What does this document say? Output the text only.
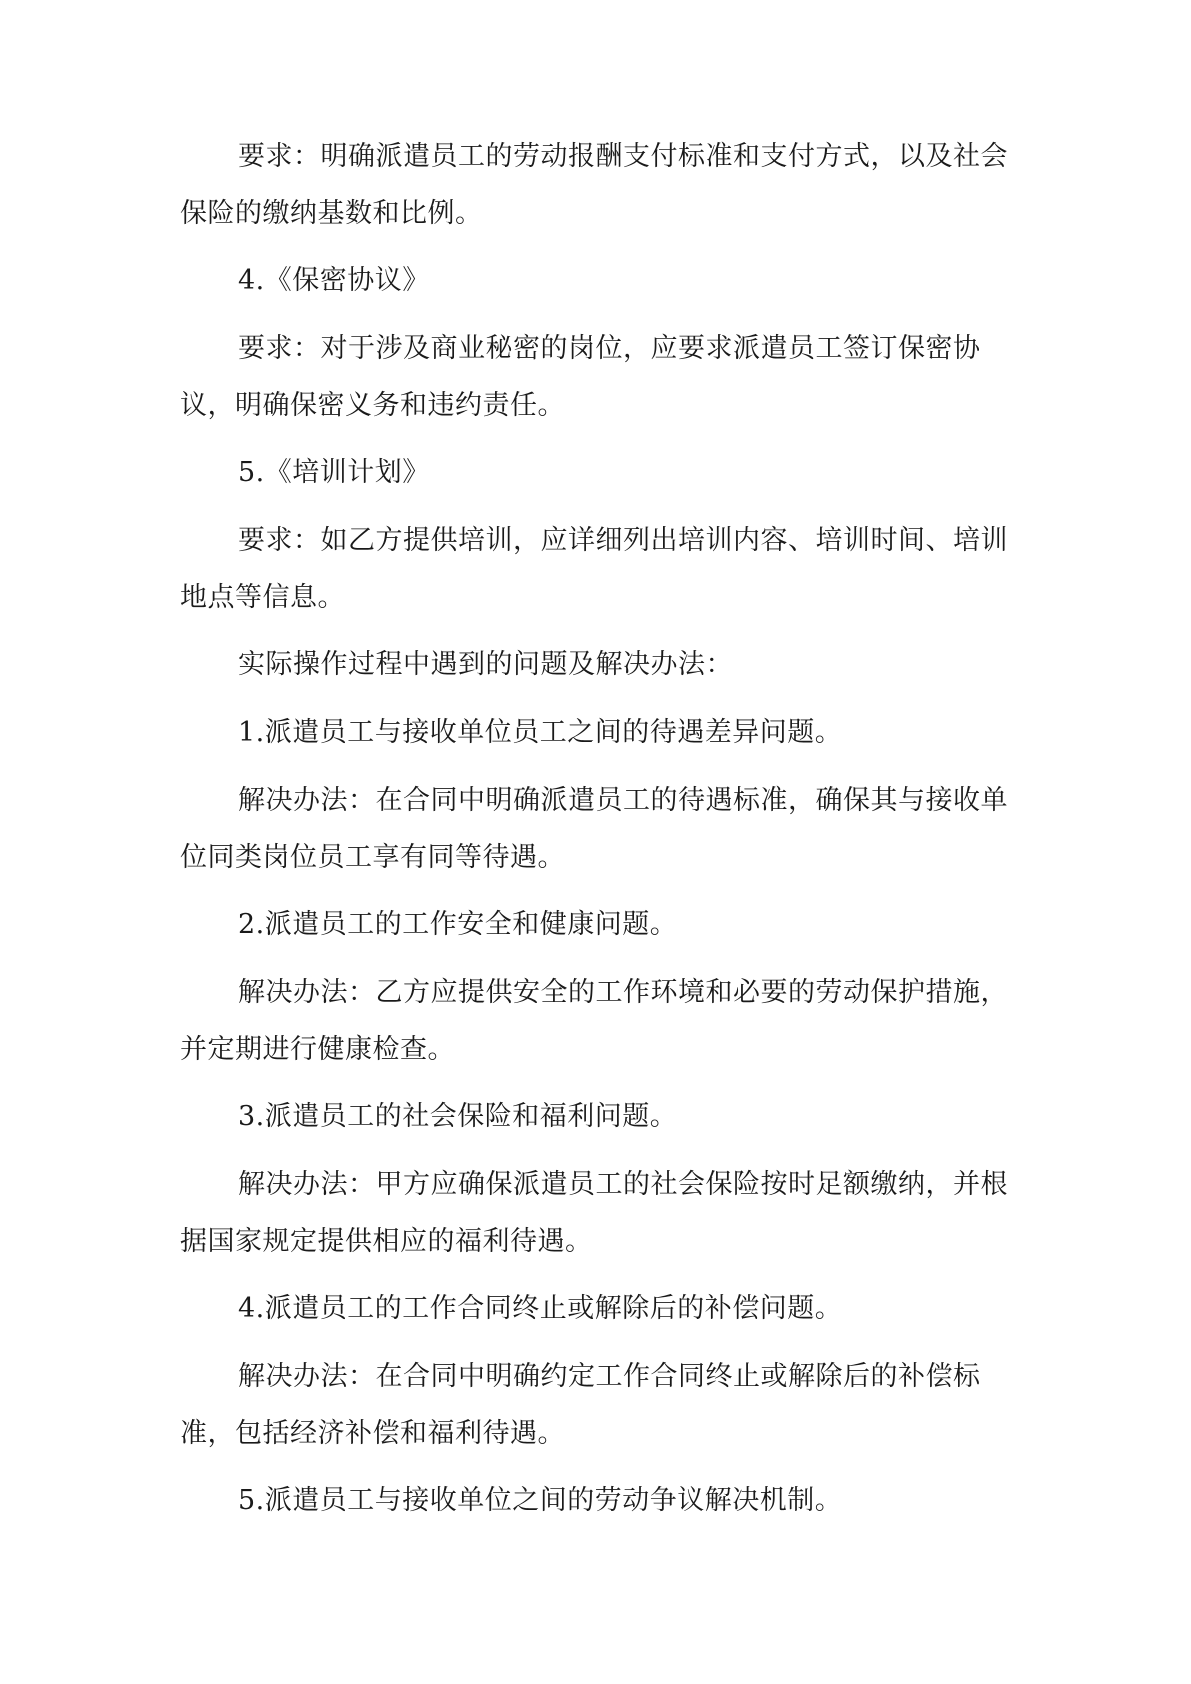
要求：明确派遣员工的劳动报酬支付标准和支付方式，以及社会保险的缴纳基数和比例。

4.《保密协议》

要求：对于涉及商业秘密的岗位，应要求派遣员工签订保密协议，明确保密义务和违约责任。

5.《培训计划》

要求：如乙方提供培训，应详细列出培训内容、培训时间、培训地点等信息。

实际操作过程中遇到的问题及解决办法：

1.派遣员工与接收单位员工之间的待遇差异问题。

解决办法：在合同中明确派遣员工的待遇标准，确保其与接收单位同类岗位员工享有同等待遇。

2.派遣员工的工作安全和健康问题。

解决办法：乙方应提供安全的工作环境和必要的劳动保护措施，并定期进行健康检查。

3.派遣员工的社会保险和福利问题。

解决办法：甲方应确保派遣员工的社会保险按时足额缴纳，并根据国家规定提供相应的福利待遇。

4.派遣员工的工作合同终止或解除后的补偿问题。

解决办法：在合同中明确约定工作合同终止或解除后的补偿标准，包括经济补偿和福利待遇。

5.派遣员工与接收单位之间的劳动争议解决机制。
